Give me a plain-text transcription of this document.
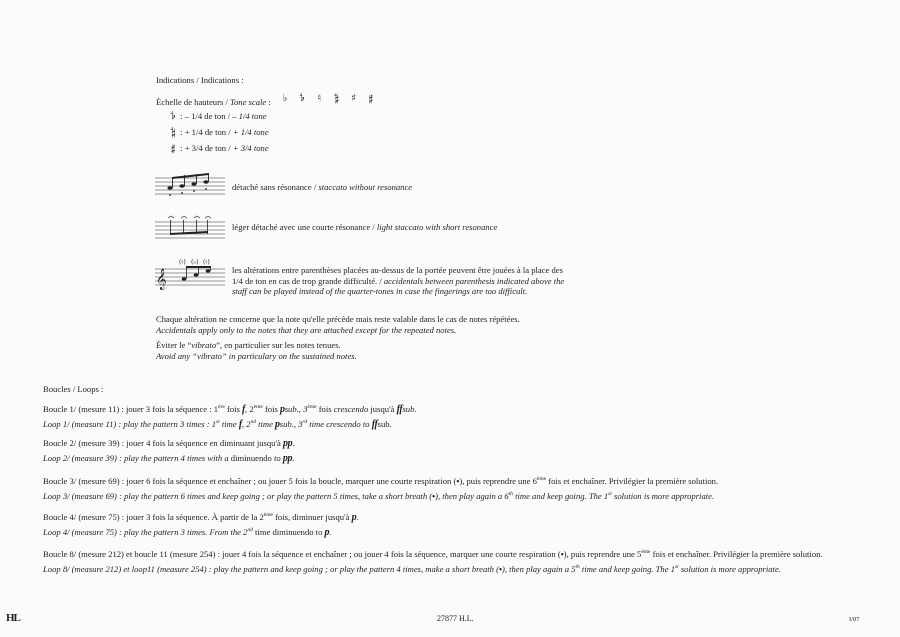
Indications / Indications :
Échelle de hauteurs / Tone scale : ♭ 𝄳 ♮ 𝄲 ♯ 𝄰
𝄳 : – 1/4 de ton / – 1/4 tone
𝄲 : + 1/4 de ton / + 1/4 tone
𝄰 : + 3/4 de ton / + 3/4 tone
détaché sans résonance / staccato without resonance
léger détaché avec une courte résonance / light staccato with short resonance
𝄞
(♮) (♭) (♮)
les altérations entre parenthèses placées au-dessus de la portée peuvent être jouées à la place des
1/4 de ton en cas de trop grande difficulté. / accidentals between parenthesis indicated above the
staff can be played instead of the quarter-tones in case the fingerings are too difficult.
Chaque altération ne concerne que la note qu'elle précède mais reste valable dans le cas de notes répétées.
Accidentals apply only to the notes that they are attached except for the repeated notes.
Éviter le “vibrato”, en particulier sur les notes tenues.
Avoid any “vibrato” in particulary on the sustained notes.
Boucles / Loops :
Boucle 1/ (mesure 11) : jouer 3 fois la séquence : 1ère fois f, 2ème fois psub., 3ème fois crescendo jusqu'à ffsub.
Loop 1/ (measure 11) : play the pattern 3 times : 1st time f, 2nd time psub., 3rd time crescendo to ffsub.
Boucle 2/ (mesure 39) : jouer 4 fois la séquence en diminuant jusqu'à pp.
Loop 2/ (measure 39) : play the pattern 4 times with a diminuendo to pp.
Boucle 3/ (mesure 69) : jouer 6 fois la séquence et enchaîner ; ou jouer 5 fois la boucle, marquer une courte respiration (•), puis reprendre une 6ème fois et enchaîner. Privilégier la première solution.
Loop 3/ (measure 69) : play the pattern 6 times and keep going ; or play the pattern 5 times, take a short breath (•), then play again a 6th time and keep going. The 1st solution is more appropriate.
Boucle 4/ (mesure 75) : jouer 3 fois la séquence. À partir de la 2ème fois, diminuer jusqu'à p.
Loop 4/ (measure 75) : play the pattern 3 times. From the 2nd time diminuendo to p.
Boucle 8/ (mesure 212) et boucle 11 (mesure 254) : jouer 4 fois la séquence et enchaîner ; ou jouer 4 fois la séquence, marquer une courte respiration (•), puis reprendre une 5ème fois et enchaîner. Privilégier la première solution.
Loop 8/ (measure 212) et loop11 (measure 254) : play the pattern and keep going ; or play the pattern 4 times, make a short breath (•), then play again a 5th time and keep going. The 1st solution is more appropriate.
HL	27877 H.L.	I/07
